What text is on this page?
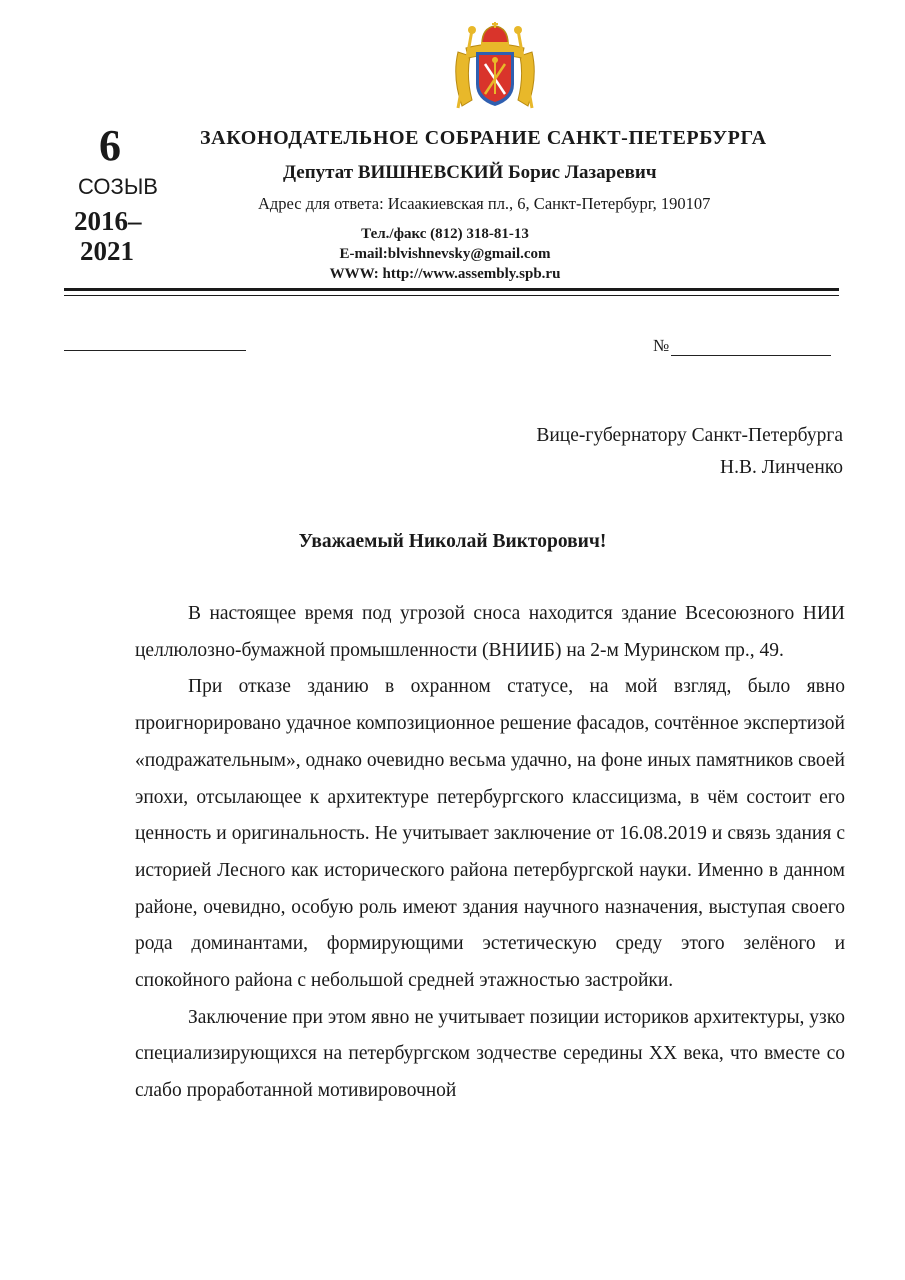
6
СОЗЫВ
2016–
2021
ЗАКОНОДАТЕЛЬНОЕ СОБРАНИЕ САНКТ-ПЕТЕРБУРГА
Депутат ВИШНЕВСКИЙ Борис Лазаревич
Адрес для ответа: Исаакиевская пл., 6, Санкт-Петербург, 190107
Тел./факс (812) 318-81-13
E-mail:blvishnevsky@gmail.com
WWW: http://www.assembly.spb.ru
№
Вице-губернатору Санкт-Петербурга
Н.В. Линченко
Уважаемый Николай Викторович!

В настоящее время под угрозой сноса находится здание Всесоюзного НИИ целлюлозно-бумажной промышленности (ВНИИБ) на 2-м Муринском пр., 49.

При отказе зданию в охранном статусе, на мой взгляд, было явно проигнорировано удачное композиционное решение фасадов, сочтённое экспертизой «подражательным», однако очевидно весьма удачно, на фоне иных памятников своей эпохи, отсылающее к архитектуре петербургского классицизма, в чём состоит его ценность и оригинальность. Не учитывает заключение от 16.08.2019 и связь здания с историей Лесного как исторического района петербургской науки. Именно в данном районе, очевидно, особую роль имеют здания научного назначения, выступая своего рода доминантами, формирующими эстетическую среду этого зелёного и спокойного района с небольшой средней этажностью застройки.

Заключение при этом явно не учитывает позиции историков архитектуры, узко специализирующихся на петербургском зодчестве середины XX века, что вместе со слабо проработанной мотивировочной
